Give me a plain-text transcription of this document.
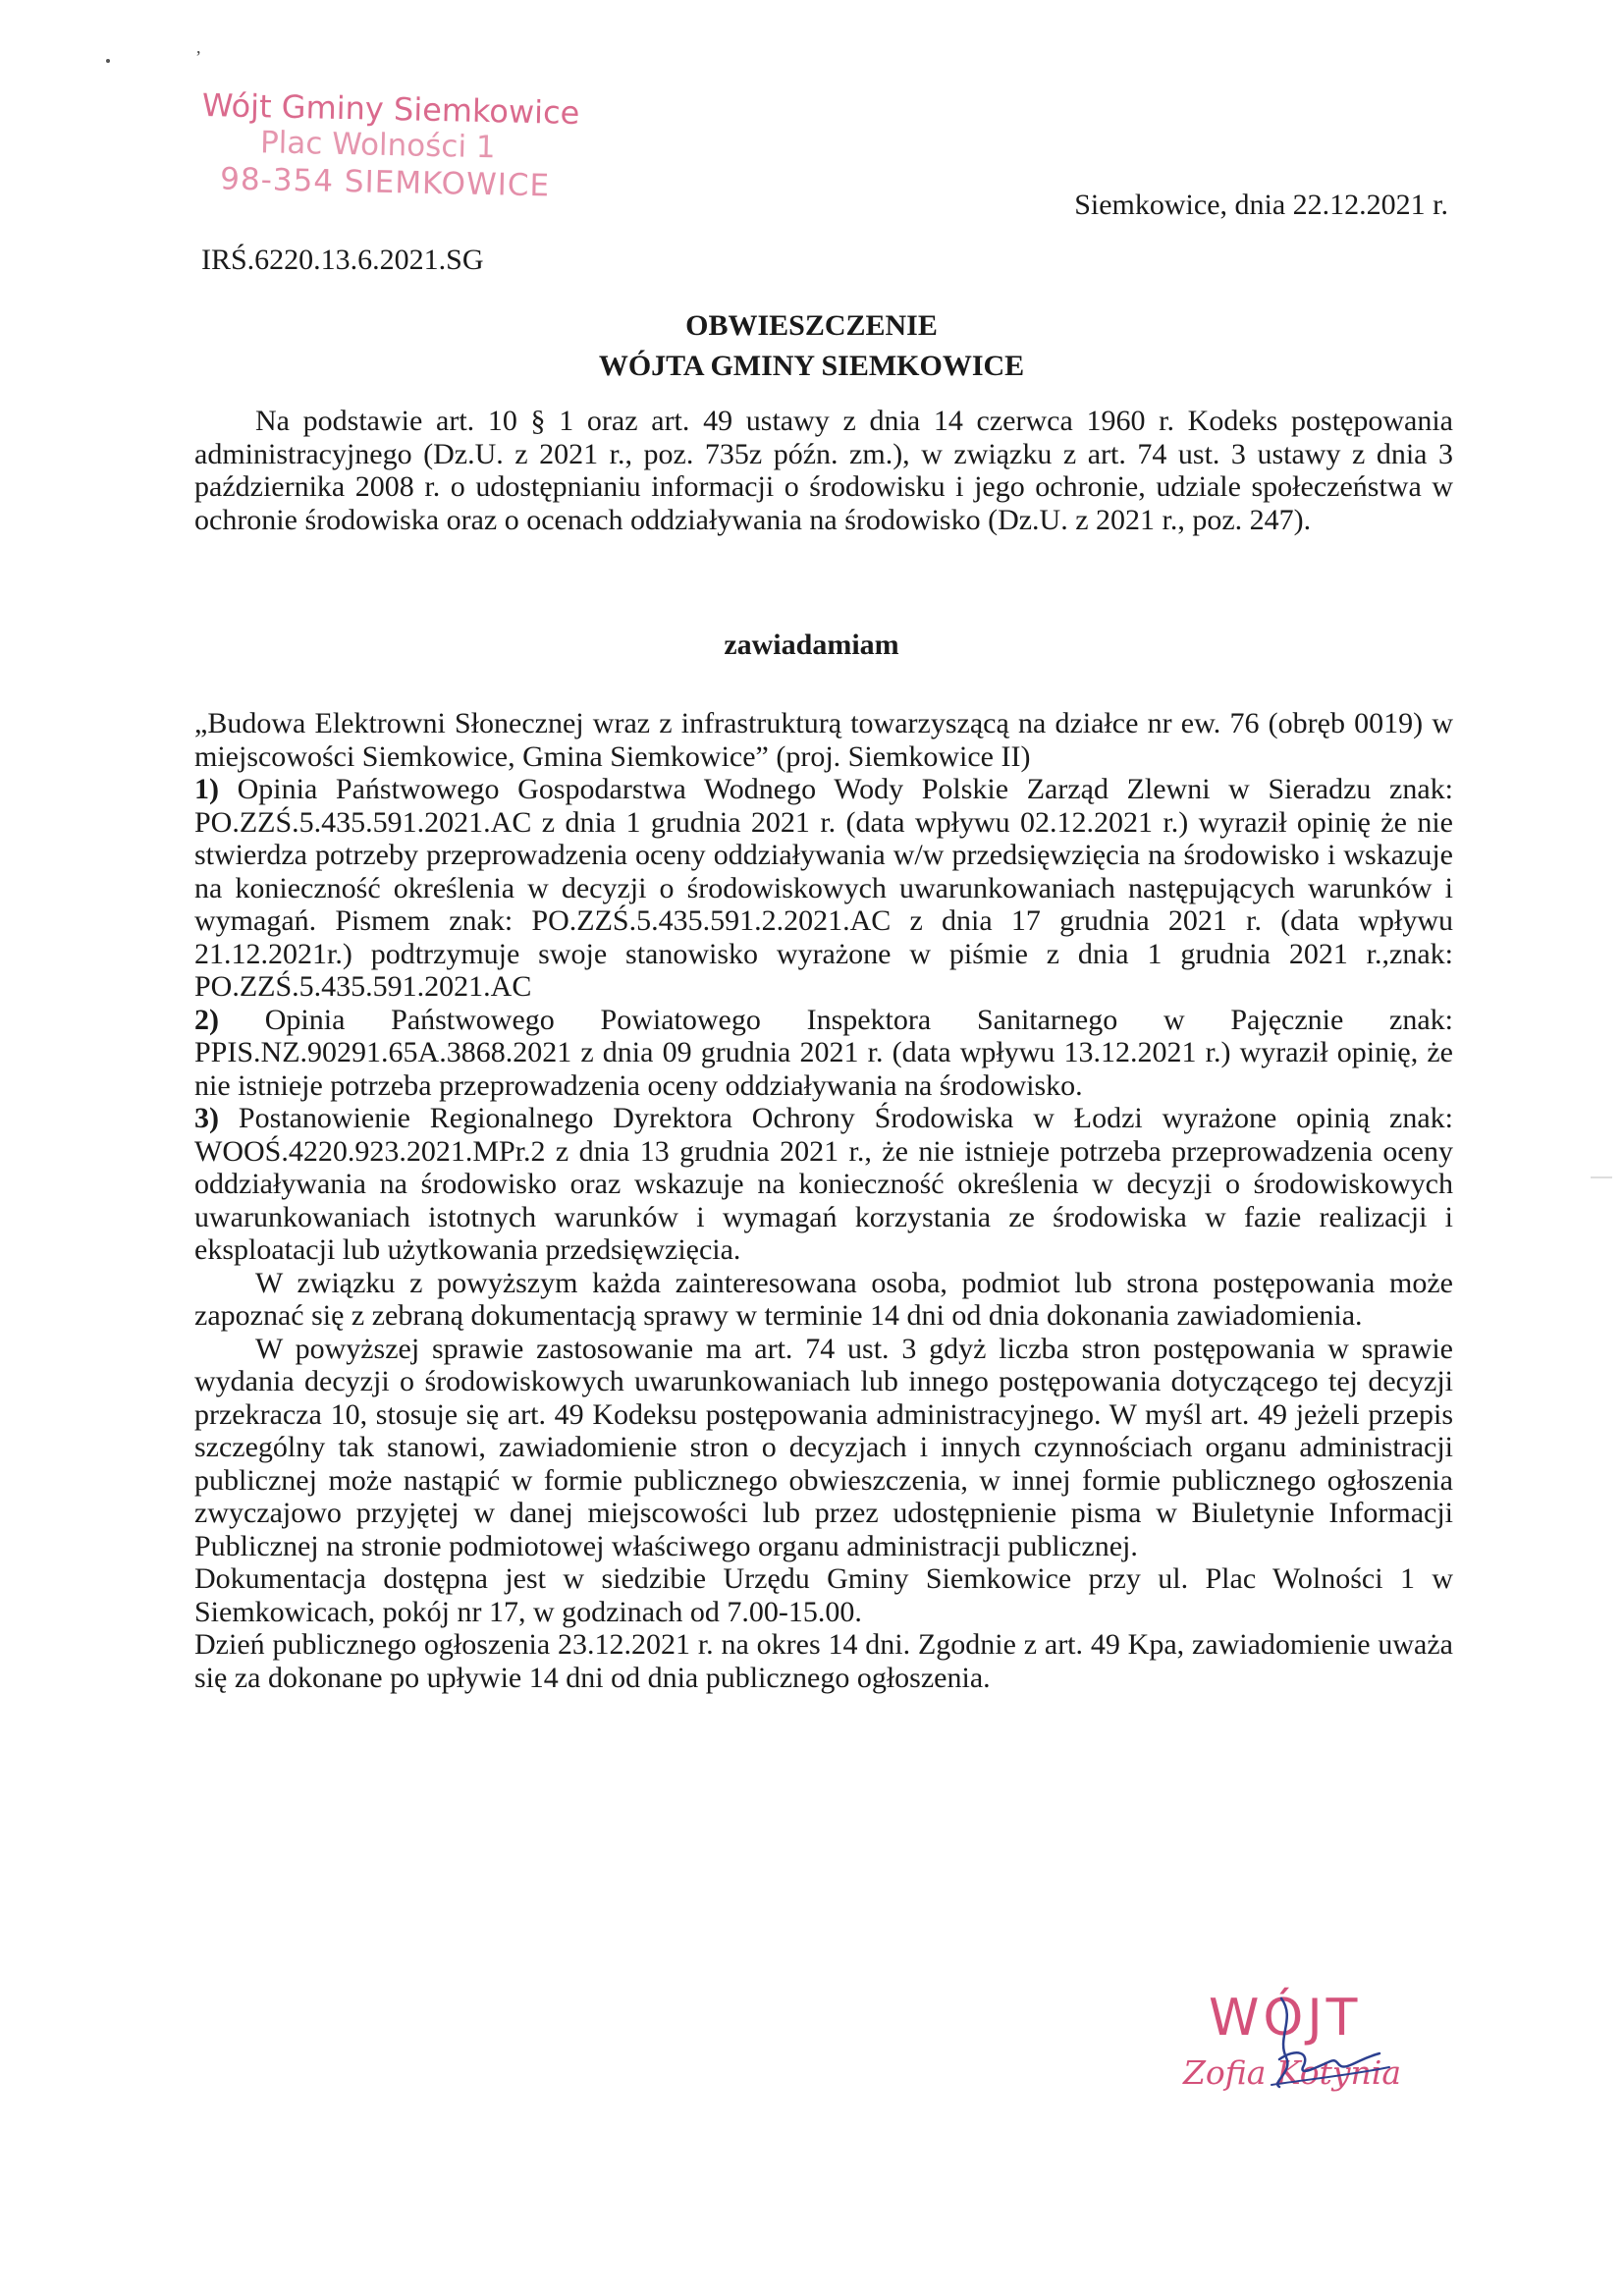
,
Wójt Gminy Siemkowice
Plac Wolności 1
98-354 SIEMKOWICE
Siemkowice, dnia 22.12.2021 r.
IRŚ.6220.13.6.2021.SG
OBWIESZCZENIE
WÓJTA GMINY SIEMKOWICE
Na podstawie art. 10 § 1 oraz art. 49 ustawy z dnia 14 czerwca 1960 r. Kodeks postępowania administracyjnego (Dz.U. z 2021 r., poz. 735z późn. zm.), w związku z art. 74 ust. 3 ustawy z dnia 3 października 2008 r. o udostępnianiu informacji o środowisku i jego ochronie, udziale społeczeństwa w ochronie środowiska oraz o ocenach oddziaływania na środowisko (Dz.U. z 2021 r., poz. 247).
zawiadamiam

„Budowa Elektrowni Słonecznej wraz z infrastrukturą towarzyszącą na działce nr ew. 76 (obręb 0019) w miejscowości Siemkowice, Gmina Siemkowice” (proj. Siemkowice II)

1) Opinia Państwowego Gospodarstwa Wodnego Wody Polskie Zarząd Zlewni w Sieradzu znak: PO.ZZŚ.5.435.591.2021.AC z dnia 1 grudnia 2021 r. (data wpływu 02.12.2021 r.) wyraził opinię że nie stwierdza potrzeby przeprowadzenia oceny oddziaływania w/w przedsięwzięcia na środowisko i wskazuje na konieczność określenia w decyzji o środowiskowych uwarunkowaniach następujących warunków i wymagań. Pismem znak: PO.ZZŚ.5.435.591.2.2021.AC z dnia 17 grudnia 2021 r. (data wpływu 21.12.2021r.) podtrzymuje swoje stanowisko wyrażone w piśmie z dnia 1 grudnia 2021 r.,znak: PO.ZZŚ.5.435.591.2021.AC

2) Opinia Państwowego Powiatowego Inspektora Sanitarnego w Pajęcznie znak: PPIS.NZ.90291.65A.3868.2021 z dnia 09 grudnia 2021 r. (data wpływu 13.12.2021 r.) wyraził opinię, że nie istnieje potrzeba przeprowadzenia oceny oddziaływania na środowisko.

3) Postanowienie Regionalnego Dyrektora Ochrony Środowiska w Łodzi wyrażone opinią znak: WOOŚ.4220.923.2021.MPr.2 z dnia 13 grudnia 2021 r., że nie istnieje potrzeba przeprowadzenia oceny oddziaływania na środowisko oraz wskazuje na konieczność określenia w decyzji o środowiskowych uwarunkowaniach istotnych warunków i wymagań korzystania ze środowiska w fazie realizacji i eksploatacji lub użytkowania przedsięwzięcia.

W związku z powyższym każda zainteresowana osoba, podmiot lub strona postępowania może zapoznać się z zebraną dokumentacją sprawy w terminie 14 dni od dnia dokonania zawiadomienia.

W powyższej sprawie zastosowanie ma art. 74 ust. 3 gdyż liczba stron postępowania w sprawie wydania decyzji o środowiskowych uwarunkowaniach lub innego postępowania dotyczącego tej decyzji przekracza 10, stosuje się art. 49 Kodeksu postępowania administracyjnego. W myśl art. 49 jeżeli przepis szczególny tak stanowi, zawiadomienie stron o decyzjach i innych czynnościach organu administracji publicznej może nastąpić w formie publicznego obwieszczenia, w innej formie publicznego ogłoszenia zwyczajowo przyjętej w danej miejscowości lub przez udostępnienie pisma w Biuletynie Informacji Publicznej na stronie podmiotowej właściwego organu administracji publicznej.

Dokumentacja dostępna jest w siedzibie Urzędu Gminy Siemkowice przy ul. Plac Wolności 1 w Siemkowicach, pokój nr 17, w godzinach od 7.00-15.00.

Dzień publicznego ogłoszenia 23.12.2021 r. na okres 14 dni. Zgodnie z art. 49 Kpa, zawiadomienie uważa się za dokonane po upływie 14 dni od dnia publicznego ogłoszenia.

WÓJT
Zofia Kotynia
